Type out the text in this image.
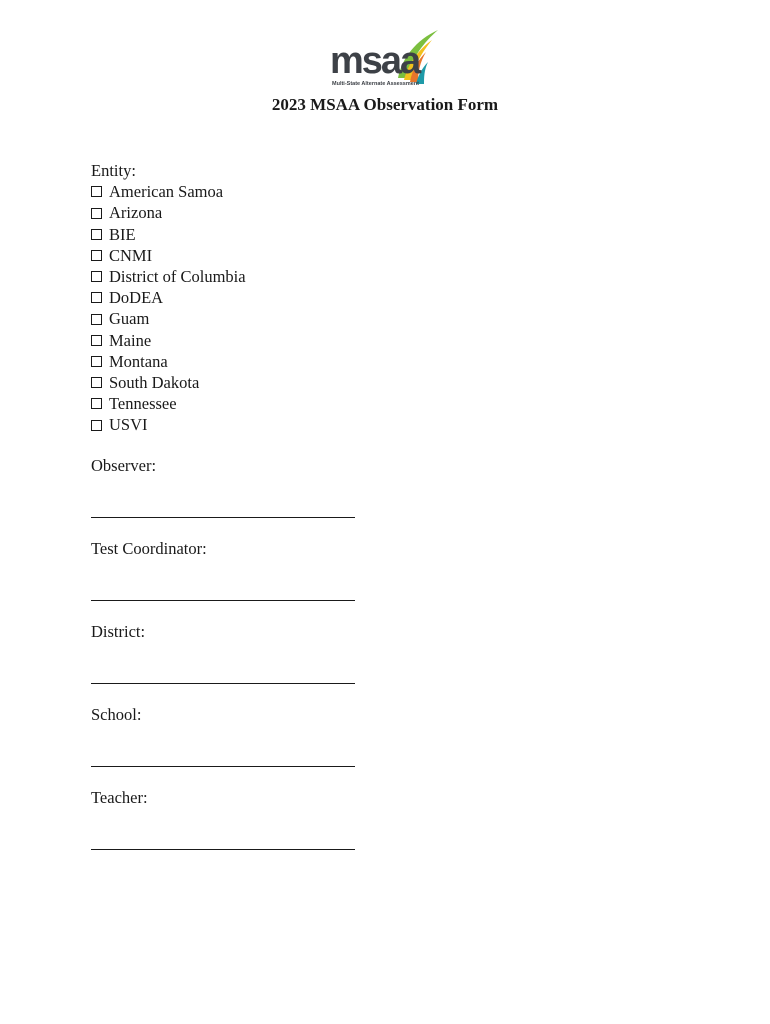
msaa
Multi-State Alternate Assessment
2023 MSAA Observation Form
Entity:
American Samoa
Arizona
BIE
CNMI
District of Columbia
DoDEA
Guam
Maine
Montana
South Dakota
Tennessee
USVI
Observer:
Test Coordinator:
District:
School:
Teacher:
